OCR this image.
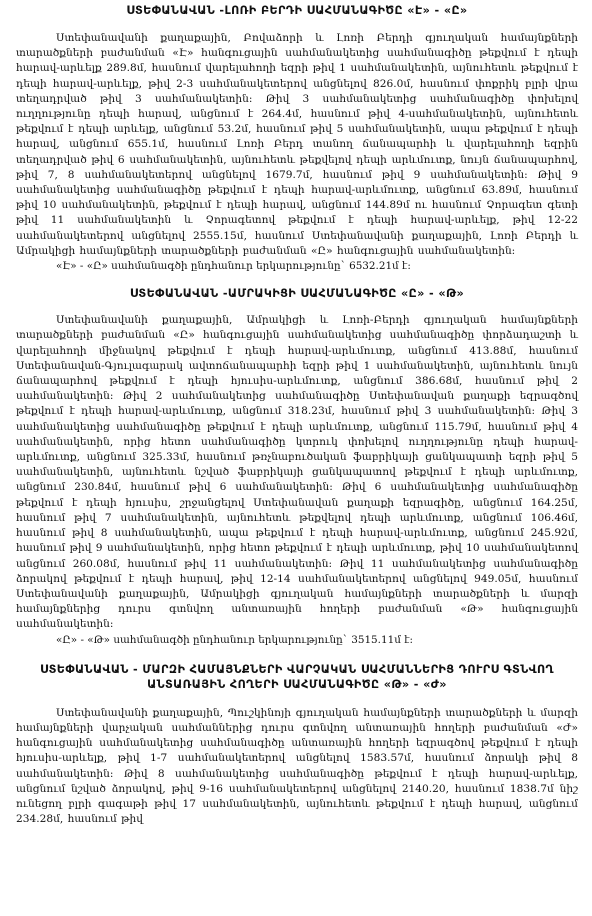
ՍՏԵՓԱՆԱՎԱՆ -ԼՈՌԻ ԲԵՐԴԻ ՍԱՀՄԱՆԱԳԻԾԸ «Է» - «Ը»

Ստեփանավանի քաղաքային, Բովաձորի և Լոռի Բերդի գյուղական համայնքների տարածքների բաժանման «Է» հանգուցային սահմանակետից սահմանագիծը թեքվում է դեպի հարավ-արևելք 289.8մ, հասնում վարելահողի եզրի թիվ 1 սահմանակետին, այնուհետև թեքվում է դեպի հարավ-արևելք, թիվ 2-3 սահմանակետերով անցնելով 826.0մ, հասնում փոքրիկ բլրի վրա տեղադրված թիվ 3 սահմանակետին: Թիվ 3 սահմանակետից սահմանագիծը փոխելով ուղղությունը դեպի հարավ, անցնում է 264.4մ, հասնում թիվ 4-սահմանակետին, այնուհետև թեքվում է դեպի արևելք, անցնում 53.2մ, հասնում թիվ 5 սահմանակետին, ապա թեքվում է դեպի հարավ, անցնում 655.1մ, հասնում Լոռի Բերդ տանող ճանապարհի և վարելահողի եզրին տեղադրված թիվ 6 սահմանակետին, այնուհետև թեքվելով դեպի արևմուտք, նույն ճանապարհով, թիվ 7, 8 սահմանակետերով անցնելով 1679.7մ, հասնում թիվ 9 սահմանակետին: Թիվ 9 սահմանակետից սահմանագիծը թեքվում է դեպի հարավ-արևմուտք, անցնում 63.89մ, հասնում թիվ 10 սահմանակետին, թեքվում է դեպի հարավ, անցնում 144.89մ ու հասնում Չորագետ գետի թիվ 11 սահմանակետին և Չորագետով թեքվում է դեպի հարավ-արևելք, թիվ 12-22 սահմանակետերով անցնելով 2555.15մ, հասնում Ստեփանավանի քաղաքային, Լոռի Բերդի և Ամրակիցի համայնքների տարածքների բաժանման «Ը» հանգուցային սահմանակետին:

«Է» - «Ը» սահմանագծի ընդհանուր երկարությունը` 6532.21մ է:

ՍՏԵՓԱՆԱՎԱՆ -ԱՄՐԱԿԻՑԻ ՍԱՀՄԱՆԱԳԻԾԸ «Ը» - «Թ»

Ստեփանավանի քաղաքային, Ամրակիցի և Լոռի-Բերդի գյուղական համայնքների տարածքների բաժանման «Ը» հանգուցային սահմանակետից սահմանագիծը փորձադաշտի և վարելահողի միջնակով թեքվում է դեպի հարավ-արևմուտք, անցնում 413.88մ, հասնում Ստեփանավան-Գյուլագարակ ավտոճանապարհի եզրի թիվ 1 սահմանակետին, այնուհետև նույն ճանապարհով թեքվում է դեպի հյուսիս-արևմուտք, անցնում 386.68մ, հասնում թիվ 2 սահմանակետին: Թիվ 2 սահմանակետից սահմանագիծը Ստեփանավան քաղաքի եզրագծով թեքվում է դեպի հարավ-արևմուտք, անցնում 318.23մ, հասնում թիվ 3 սահմանակետին: Թիվ 3 սահմանակետից սահմանագիծը թեքվում է դեպի արևմուտք, անցնում 115.79մ, հասնում թիվ 4 սահմանակետին, որից հետո սահմանագիծը կտրուկ փոխելով ուղղությունը դեպի հարավ-արևմուտք, անցնում 325.33մ, հասնում թռչնաբուծական ֆաբրիկայի ցանկապատի եզրի թիվ 5 սահմանակետին, այնուհետև նշված ֆաբրիկայի ցանկապատով թեքվում է դեպի արևմուտք, անցնում 230.84մ, հասնում թիվ 6 սահմանակետին: Թիվ 6 սահմանակետից սահմանագիծը թեքվում է դեպի հյուսիս, շրջանցելով Ստեփանավան քաղաքի եզրագիծը, անցնում 164.25մ, հասնում թիվ 7 սահմանակետին, այնուհետև թեքվելով դեպի արևմուտք, անցնում 106.46մ, հասնում թիվ 8 սահմանակետին, ապա թեքվում է դեպի հարավ-արևմուտք, անցնում 245.92մ, հասնում թիվ 9 սահմանակետին, որից հետո թեքվում է դեպի արևմուտք, թիվ 10 սահմանակետով անցնում 260.08մ, հասնում թիվ 11 սահմանակետին: Թիվ 11 սահմանակետից սահմանագիծը ձորակով թեքվում է դեպի հարավ, թիվ 12-14 սահմանակետերով անցնելով 949.05մ, հասնում Ստեփանավանի քաղաքային, Ամրակիցի գյուղական համայնքների տարածքների և մարզի համայնքներից դուրս գտնվող անտառային հողերի բաժանման «Թ» հանգուցային սահմանակետին:

«Ը» - «Թ» սահմանագծի ընդհանուր երկարությունը` 3515.11մ է:

ՍՏԵՓԱՆԱՎԱՆ - ՄԱՐԶԻ ՀԱՄԱՅՆՔՆԵՐԻ ՎԱՐՉԱԿԱՆ ՍԱՀՄԱՆՆԵՐԻՑ ԴՈՒՐՍ ԳՏՆՎՈՂ
ԱՆՏԱՌԱՅԻՆ ՀՈՂԵՐԻ ՍԱՀՄԱՆԱԳԻԾԸ «Թ» - «Ժ»

Ստեփանավանի քաղաքային, Պուշկինոյի գյուղական համայնքների տարածքների և մարզի համայնքների վարչական սահմաններից դուրս գտնվող անտառային հողերի բաժանման «Ժ» հանգուցային սահմանակետից սահմանագիծը անտառային հողերի եզրագծով թեքվում է դեպի հյուսիս-արևելք, թիվ 1-7 սահմանակետերով անցնելով 1583.57մ, հասնում ձորակի թիվ 8 սահմանակետին: Թիվ 8 սահմանակետից սահմանագիծը թեքվում է դեպի հարավ-արևելք, անցնում նշված ձորակով, թիվ 9-16 սահմանակետերով անցնելով 2140.20, հասնում 1838.7մ նիշ ունեցող բլրի գագաթի թիվ 17 սահմանակետին, այնուհետև թեքվում է դեպի հարավ, անցնում 234.28մ, հասնում թիվ
